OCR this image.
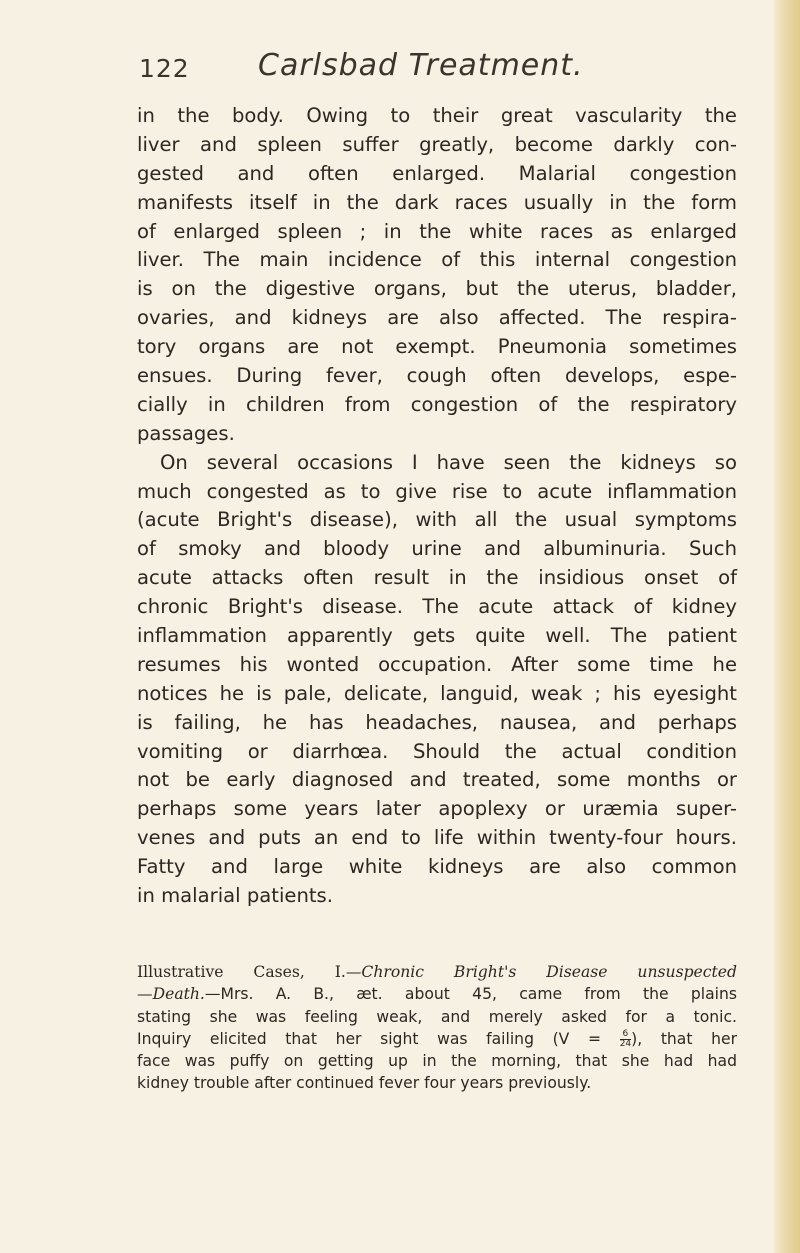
122 Carlsbad Treatment.
in the body. Owing to their great vascularity the
liver and spleen suffer greatly, become darkly con-
gested and often enlarged. Malarial congestion
manifests itself in the dark races usually in the form
of enlarged spleen ; in the white races as enlarged
liver. The main incidence of this internal congestion
is on the digestive organs, but the uterus, bladder,
ovaries, and kidneys are also affected. The respira-
tory organs are not exempt. Pneumonia sometimes
ensues. During fever, cough often develops, espe-
cially in children from congestion of the respiratory
passages.
On several occasions I have seen the kidneys so
much congested as to give rise to acute inflammation
(acute Bright's disease), with all the usual symptoms
of smoky and bloody urine and albuminuria. Such
acute attacks often result in the insidious onset of
chronic Bright's disease. The acute attack of kidney
inflammation apparently gets quite well. The patient
resumes his wonted occupation. After some time he
notices he is pale, delicate, languid, weak ; his eyesight
is failing, he has headaches, nausea, and perhaps
vomiting or diarrhœa. Should the actual condition
not be early diagnosed and treated, some months or
perhaps some years later apoplexy or uræmia super-
venes and puts an end to life within twenty-four hours.
Fatty and large white kidneys are also common
in malarial patients.
Illustrative Cases, I.—Chronic Bright's Disease unsuspected
—Death.—Mrs. A. B., æt. about 45, came from the plains
stating she was feeling weak, and merely asked for a tonic.
Inquiry elicited that her sight was failing ($V = \frac{6}{24}$ ), that her
face was puffy on getting up in the morning, that she had had
kidney trouble after continued fever four years previously.
